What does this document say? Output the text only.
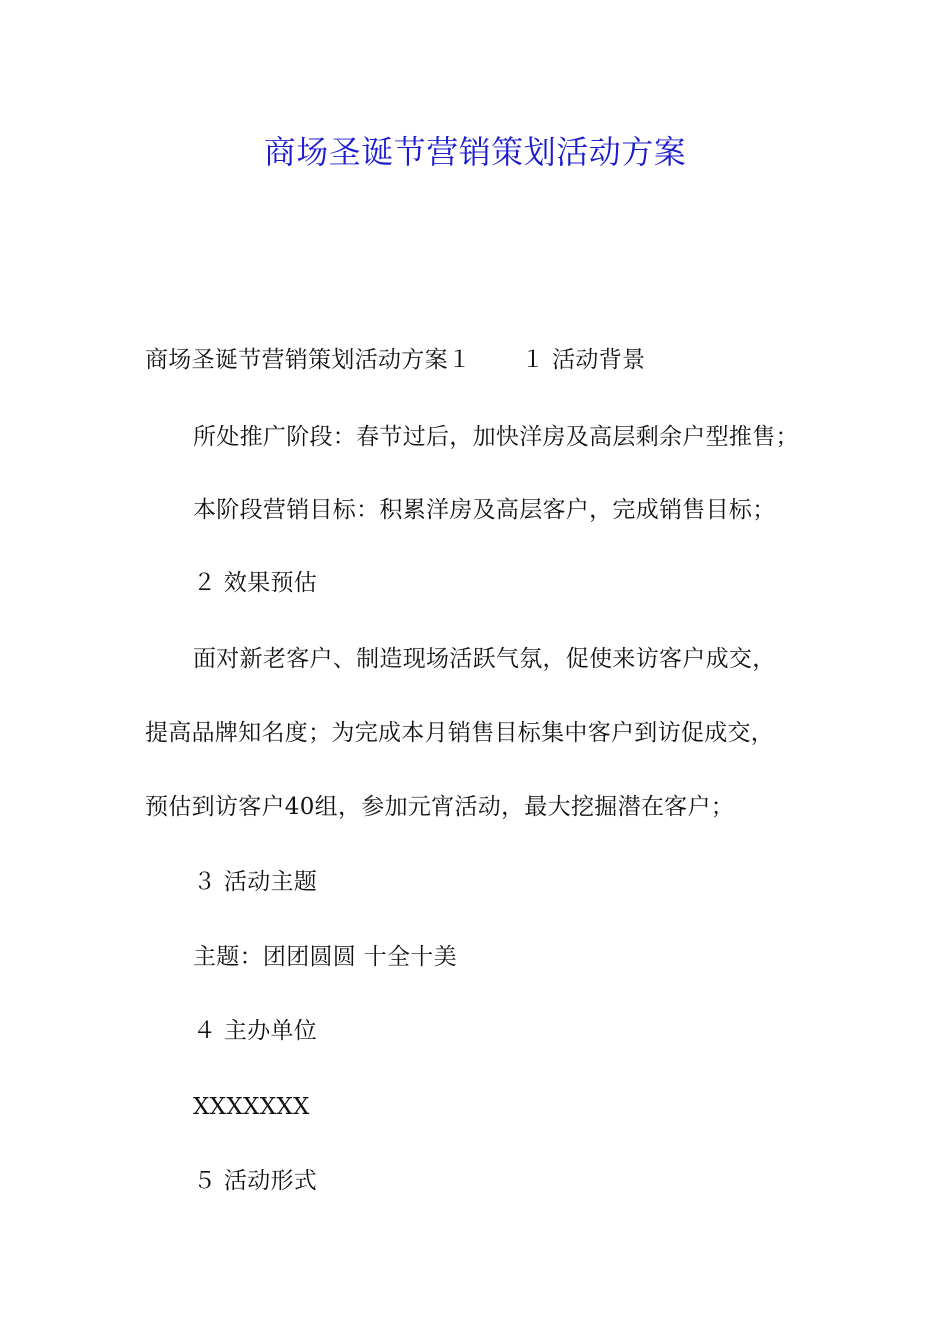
商场圣诞节营销策划活动方案
商场圣诞节营销策划活动方案１ １ 活动背景
所处推广阶段：春节过后，加快洋房及高层剩余户型推售；
本阶段营销目标：积累洋房及高层客户，完成销售目标；
２ 效果预估
面对新老客户、制造现场活跃气氛，促使来访客户成交，
提高品牌知名度；为完成本月销售目标集中客户到访促成交，
预估到访客户40组，参加元宵活动，最大挖掘潜在客户；
３ 活动主题
主题：团团圆圆 十全十美
４ 主办单位
XXXXXXX
５ 活动形式
